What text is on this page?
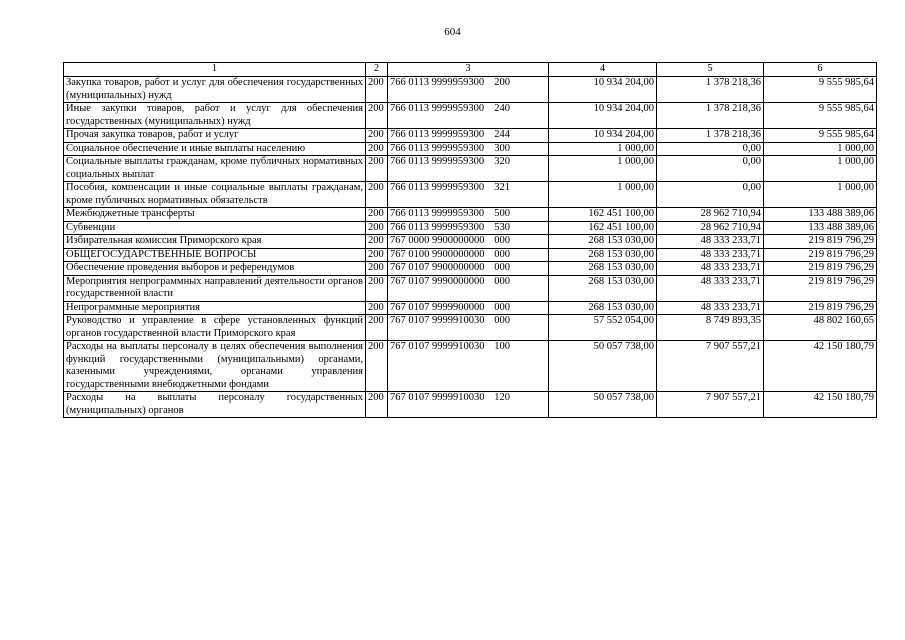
604
1	2	3	4	5	6
Закупка товаров, работ и услуг для обеспечения государственных (муниципальных) нужд	200	766 0113 9999959300 200	10 934 204,00	1 378 218,36	9 555 985,64
Иные закупки товаров, работ и услуг для обеспечения государственных (муниципальных) нужд	200	766 0113 9999959300 240	10 934 204,00	1 378 218,36	9 555 985,64
Прочая закупка товаров, работ и услуг	200	766 0113 9999959300 244	10 934 204,00	1 378 218,36	9 555 985,64
Социальное обеспечение и иные выплаты населению	200	766 0113 9999959300 300	1 000,00	0,00	1 000,00
Социальные выплаты гражданам, кроме публичных нормативных социальных выплат	200	766 0113 9999959300 320	1 000,00	0,00	1 000,00
Пособия, компенсации и иные социальные выплаты гражданам, кроме публичных нормативных обязательств	200	766 0113 9999959300 321	1 000,00	0,00	1 000,00
Межбюджетные трансферты	200	766 0113 9999959300 500	162 451 100,00	28 962 710,94	133 488 389,06
Субвенции	200	766 0113 9999959300 530	162 451 100,00	28 962 710,94	133 488 389,06
Избирательная комиссия Приморского края	200	767 0000 9900000000 000	268 153 030,00	48 333 233,71	219 819 796,29
ОБЩЕГОСУДАРСТВЕННЫЕ ВОПРОСЫ	200	767 0100 9900000000 000	268 153 030,00	48 333 233,71	219 819 796,29
Обеспечение проведения выборов и референдумов	200	767 0107 9900000000 000	268 153 030,00	48 333 233,71	219 819 796,29
Мероприятия непрограммных направлений деятельности органов государственной власти	200	767 0107 9990000000 000	268 153 030,00	48 333 233,71	219 819 796,29
Непрограммные мероприятия	200	767 0107 9999900000 000	268 153 030,00	48 333 233,71	219 819 796,29
Руководство и управление в сфере установленных функций органов государственной власти Приморского края	200	767 0107 9999910030 000	57 552 054,00	8 749 893,35	48 802 160,65
Расходы на выплаты персоналу в целях обеспечения выполнения функций государственными (муниципальными) органами, казенными учреждениями, органами управления государственными внебюджетными фондами	200	767 0107 9999910030 100	50 057 738,00	7 907 557,21	42 150 180,79
Расходы на выплаты персоналу государственных (муниципальных) органов	200	767 0107 9999910030 120	50 057 738,00	7 907 557,21	42 150 180,79
